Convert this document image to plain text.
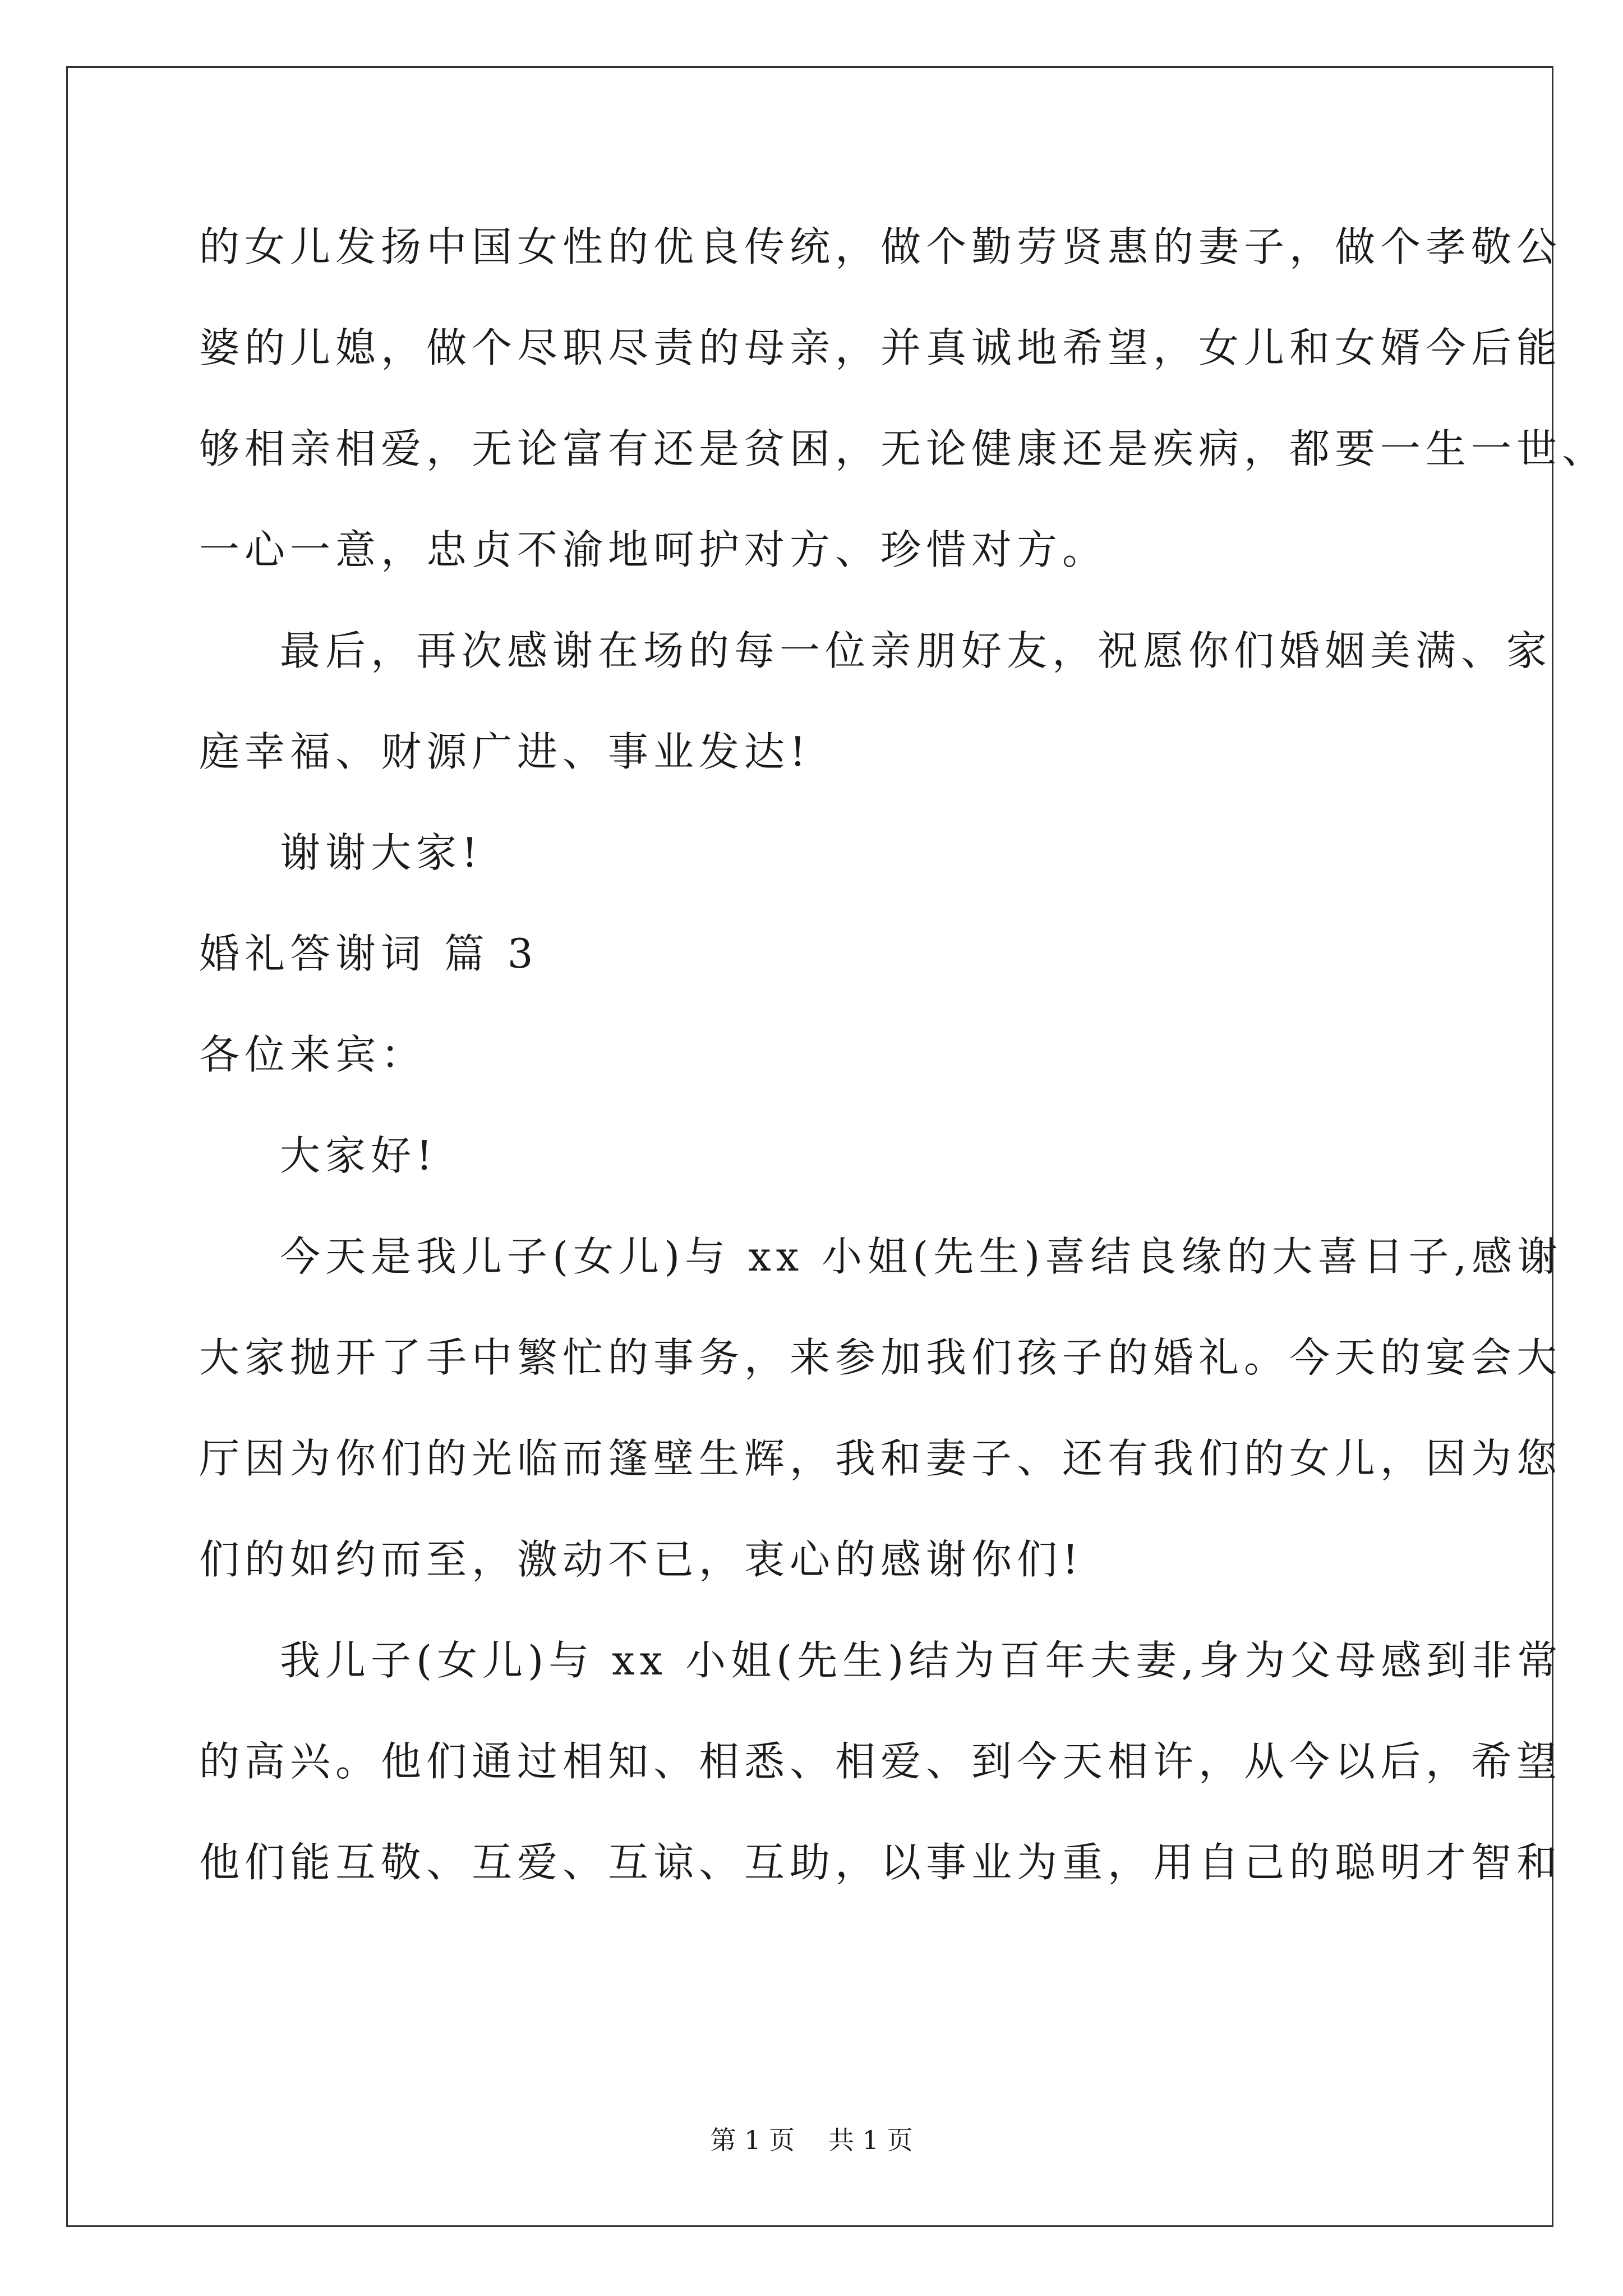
的女儿发扬中国女性的优良传统，做个勤劳贤惠的妻子，做个孝敬公
婆的儿媳，做个尽职尽责的母亲，并真诚地希望，女儿和女婿今后能
够相亲相爱，无论富有还是贫困，无论健康还是疾病，都要一生一世、
一心一意，忠贞不渝地呵护对方、珍惜对方。
最后，再次感谢在场的每一位亲朋好友，祝愿你们婚姻美满、家
庭幸福、财源广进、事业发达!
谢谢大家!
婚礼答谢词 篇 3
各位来宾：
大家好!
今天是我儿子(女儿)与 xx 小姐(先生)喜结良缘的大喜日子,感谢
大家抛开了手中繁忙的事务，来参加我们孩子的婚礼。今天的宴会大
厅因为你们的光临而篷壁生辉，我和妻子、还有我们的女儿，因为您
们的如约而至，激动不已，衷心的感谢你们!
我儿子(女儿)与 xx 小姐(先生)结为百年夫妻,身为父母感到非常
的高兴。他们通过相知、相悉、相爱、到今天相许，从今以后，希望
他们能互敬、互爱、互谅、互助，以事业为重，用自己的聪明才智和
第 1 页 共 1 页
